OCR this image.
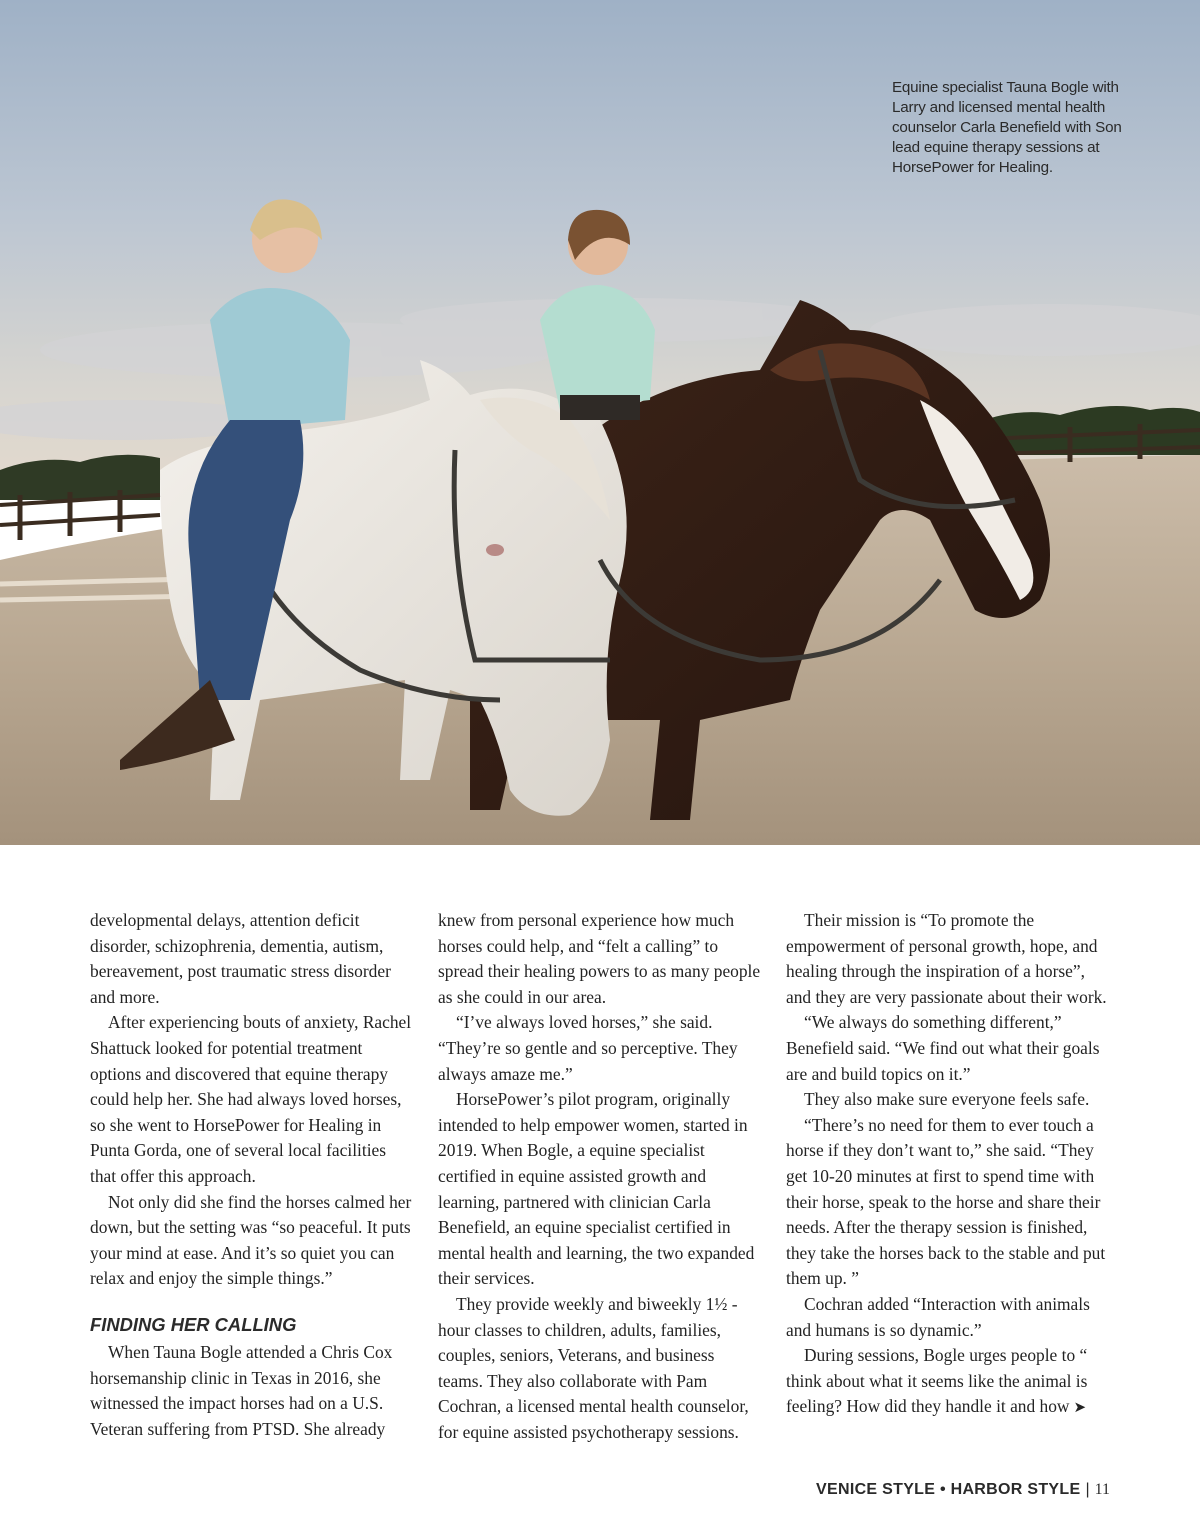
Equine specialist Tauna Bogle with Larry and licensed mental health counselor Carla Benefield with Son lead equine therapy sessions at HorsePower for Healing.

developmental delays, attention deficit disorder, schizophrenia, dementia, autism, bereavement, post traumatic stress disorder and more.

After experiencing bouts of anxiety, Rachel Shattuck looked for potential treatment options and discovered that equine therapy could help her. She had always loved horses, so she went to HorsePower for Healing in Punta Gorda, one of several local facilities that offer this approach.

Not only did she find the horses calmed her down, but the setting was “so peaceful. It puts your mind at ease. And it’s so quiet you can relax and enjoy the simple things.”

FINDING HER CALLING

When Tauna Bogle attended a Chris Cox horsemanship clinic in Texas in 2016, she witnessed the impact horses had on a U.S. Veteran suffering from PTSD. She already

knew from personal experience how much horses could help, and “felt a calling” to spread their healing powers to as many people as she could in our area.

“I’ve always loved horses,” she said. “They’re so gentle and so perceptive. They always amaze me.”

HorsePower’s pilot program, originally intended to help empower women, started in 2019. When Bogle, a equine specialist certified in equine assisted growth and learning, partnered with clinician Carla Benefield, an equine specialist certified in mental health and learning, the two expanded their services.

They provide weekly and biweekly 1½ - hour classes to children, adults, families, couples, seniors, Veterans, and business teams. They also collaborate with Pam Cochran, a licensed mental health counselor, for equine assisted psychotherapy sessions.

Their mission is “To promote the empowerment of personal growth, hope, and healing through the inspiration of a horse”, and they are very passionate about their work.

“We always do something different,” Benefield said. “We find out what their goals are and build topics on it.”

They also make sure everyone feels safe.

“There’s no need for them to ever touch a horse if they don’t want to,” she said. “They get 10-20 minutes at first to spend time with their horse, speak to the horse and share their needs. After the therapy session is finished, they take the horses back to the stable and put them up. ”

Cochran added “Interaction with animals and humans is so dynamic.”

During sessions, Bogle urges people to “ think about what it seems like the animal is feeling? How did they handle it and how ➤

VENICE STYLE • HARBOR STYLE | 11
